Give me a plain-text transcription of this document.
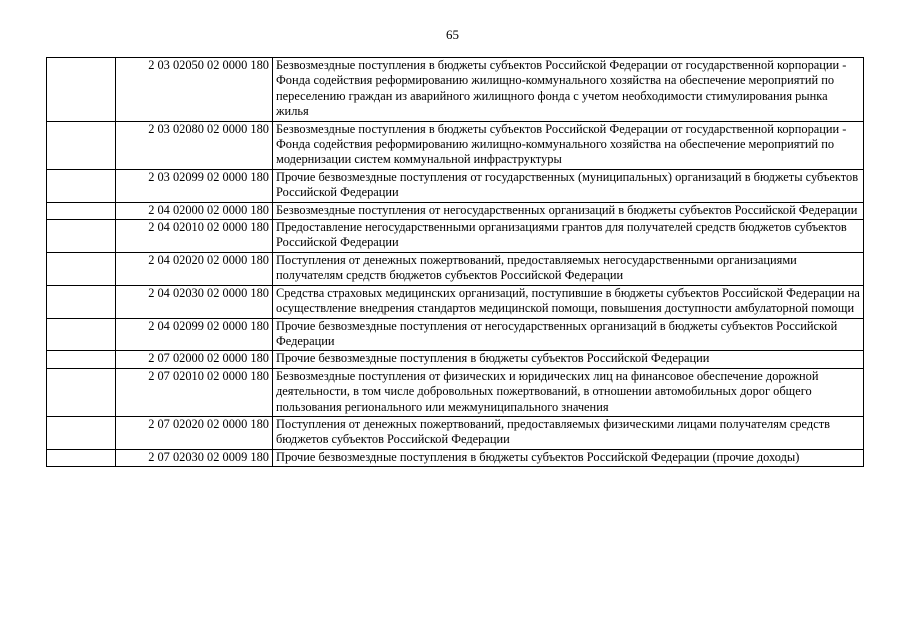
65
	2 03 02050 02 0000 180	Безвозмездные поступления в бюджеты субъектов Российской Федерации от государственной корпорации - Фонда содействия реформированию жилищно-коммунального хозяйства на обеспечение мероприятий по переселению граждан из аварийного жилищного фонда с учетом необходимости стимулирования рынка жилья
	2 03 02080 02 0000 180	Безвозмездные поступления в бюджеты субъектов Российской Федерации от государственной корпорации - Фонда содействия реформированию жилищно-коммунального хозяйства на обеспечение мероприятий по модернизации систем коммунальной инфраструктуры
	2 03 02099 02 0000 180	Прочие безвозмездные поступления от государственных (муниципальных) организаций в бюджеты субъектов Российской Федерации
	2 04 02000 02 0000 180	Безвозмездные поступления от негосударственных организаций в бюджеты субъектов Российской Федерации
	2 04 02010 02 0000 180	Предоставление негосударственными организациями грантов для получателей средств бюджетов субъектов Российской Федерации
	2 04 02020 02 0000 180	Поступления от денежных пожертвований, предоставляемых негосударственными организациями получателям средств бюджетов субъектов Российской Федерации
	2 04 02030 02 0000 180	Средства страховых медицинских организаций, поступившие в бюджеты субъектов Российской Федерации на осуществление внедрения стандартов медицинской помощи, повышения доступности амбулаторной помощи
	2 04 02099 02 0000 180	Прочие безвозмездные поступления от негосударственных организаций в бюджеты субъектов Российской Федерации
	2 07 02000 02 0000 180	Прочие безвозмездные поступления в бюджеты субъектов Российской Федерации
	2 07 02010 02 0000 180	Безвозмездные поступления от физических и юридических лиц на финансовое обеспечение дорожной деятельности, в том числе добровольных пожертвований, в отношении автомобильных дорог общего пользования регионального или межмуниципального значения
	2 07 02020 02 0000 180	Поступления от денежных пожертвований, предоставляемых физическими лицами получателям средств бюджетов субъектов Российской Федерации
	2 07 02030 02 0009 180	Прочие безвозмездные поступления в бюджеты субъектов Российской Федерации (прочие доходы)
